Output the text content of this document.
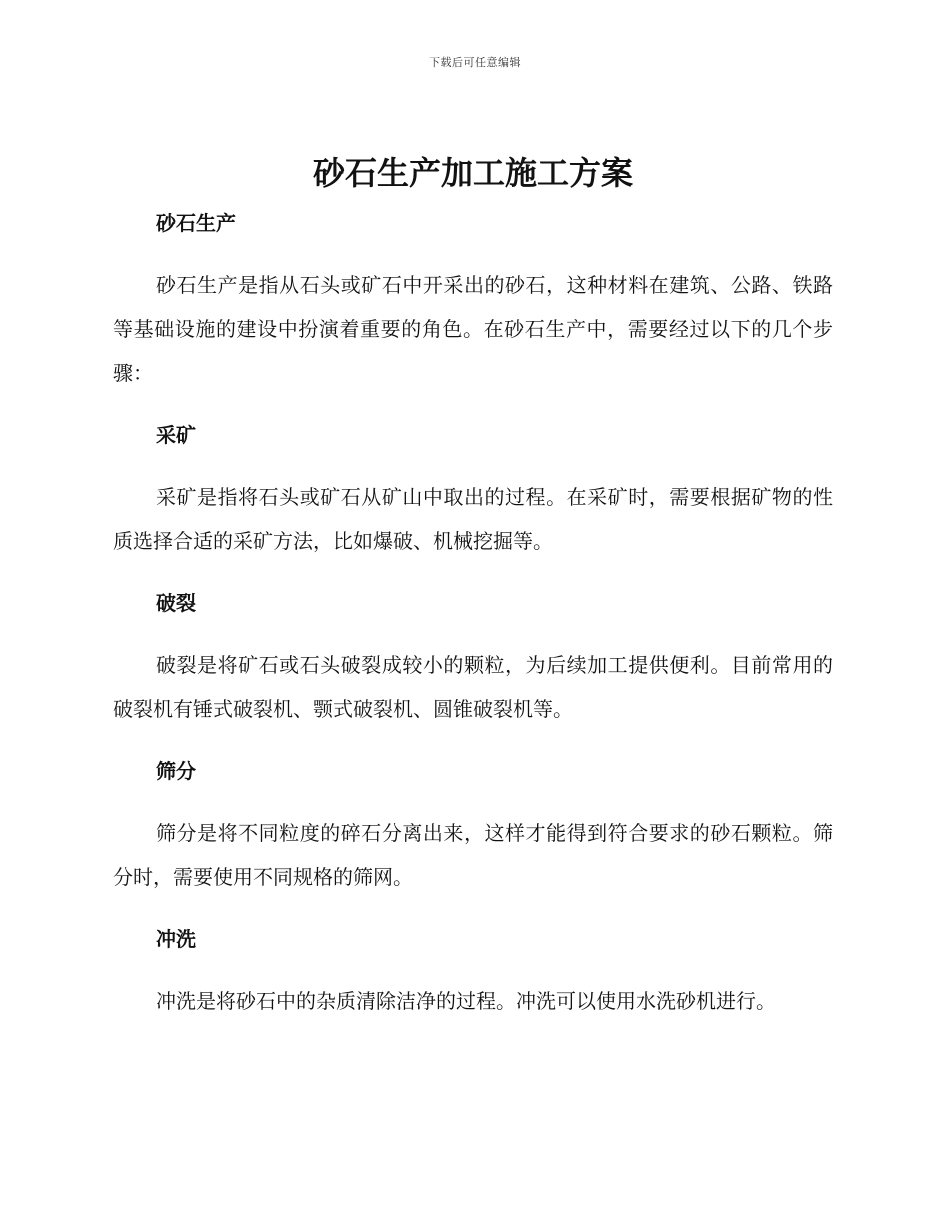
下载后可任意编辑
砂石生产加工施工方案
砂石生产

砂石生产是指从石头或矿石中开采出的砂石，这种材料在建筑、公路、铁路等基础设施的建设中扮演着重要的角色。在砂石生产中，需要经过以下的几个步骤：

采矿

采矿是指将石头或矿石从矿山中取出的过程。在采矿时，需要根据矿物的性质选择合适的采矿方法，比如爆破、机械挖掘等。

破裂

破裂是将矿石或石头破裂成较小的颗粒，为后续加工提供便利。目前常用的破裂机有锤式破裂机、颚式破裂机、圆锥破裂机等。

筛分

筛分是将不同粒度的碎石分离出来，这样才能得到符合要求的砂石颗粒。筛分时，需要使用不同规格的筛网。

冲洗

冲洗是将砂石中的杂质清除洁净的过程。冲洗可以使用水洗砂机进行。
